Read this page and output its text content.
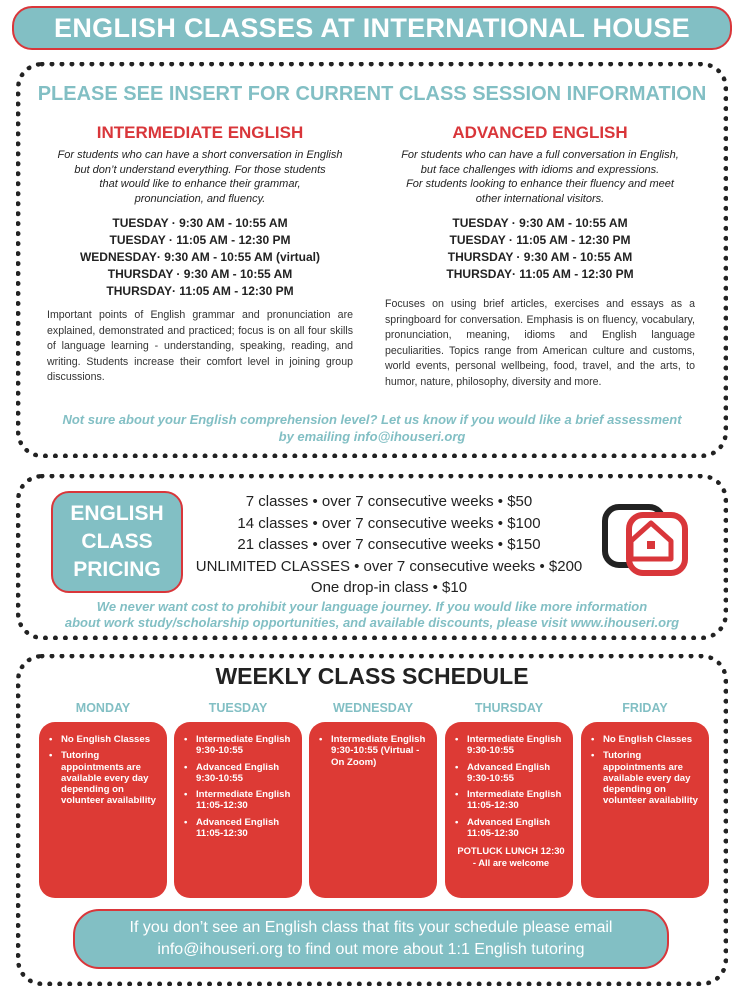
ENGLISH CLASSES AT INTERNATIONAL HOUSE
PLEASE SEE INSERT FOR CURRENT CLASS SESSION INFORMATION
INTERMEDIATE ENGLISH
For students who can have a short conversation in English
but don’t understand everything. For those students
that would like to enhance their grammar,
pronunciation, and fluency.
TUESDAY · 9:30 AM - 10:55 AM
TUESDAY · 11:05 AM - 12:30 PM
WEDNESDAY· 9:30 AM - 10:55 AM (virtual)
THURSDAY · 9:30 AM - 10:55 AM
THURSDAY· 11:05 AM - 12:30 PM

Important points of English grammar and pronunciation are explained, demonstrated and practiced; focus is on all four skills of language learning - understanding, speaking, reading, and writing. Students increase their comfort level in joining group discussions.

ADVANCED ENGLISH
For students who can have a full conversation in English,
but face challenges with idioms and expressions.
For students looking to enhance their fluency and meet
other international visitors.
TUESDAY · 9:30 AM - 10:55 AM
TUESDAY · 11:05 AM - 12:30 PM
THURSDAY · 9:30 AM - 10:55 AM
THURSDAY· 11:05 AM - 12:30 PM

Focuses on using brief articles, exercises and essays as a springboard for conversation. Emphasis is on fluency, vocabulary, pronunciation, meaning, idioms and English language peculiarities. Topics range from American culture and customs, world events, personal wellbeing, food, travel, and the arts, to humor, nature, philosophy, diversity and more.

Not sure about your English comprehension level? Let us know if you would like a brief assessment
by emailing info@ihouseri.org
ENGLISH
CLASS
PRICING
7 classes • over 7 consecutive weeks • $50
14 classes • over 7 consecutive weeks • $100
21 classes • over 7 consecutive weeks • $150
UNLIMITED CLASSES • over 7 consecutive weeks • $200
One drop-in class • $10
We never want cost to prohibit your language journey. If you would like more information
about work study/scholarship opportunities, and available discounts, please visit www.ihouseri.org
WEEKLY CLASS SCHEDULE
MONDAY
• No English Classes
• Tutoring appointments are available every day depending on volunteer availability
TUESDAY
• Intermediate English 9:30-10:55
• Advanced English 9:30-10:55
• Intermediate English 11:05-12:30
• Advanced English 11:05-12:30
WEDNESDAY
• Intermediate English 9:30-10:55 (Virtual - On Zoom)
THURSDAY
• Intermediate English 9:30-10:55
• Advanced English 9:30-10:55
• Intermediate English 11:05-12:30
• Advanced English 11:05-12:30
POTLUCK LUNCH 12:30 - All are welcome
FRIDAY
• No English Classes
• Tutoring appointments are available every day depending on volunteer availability
If you don’t see an English class that fits your schedule please email
info@ihouseri.org to find out more about 1:1 English tutoring
